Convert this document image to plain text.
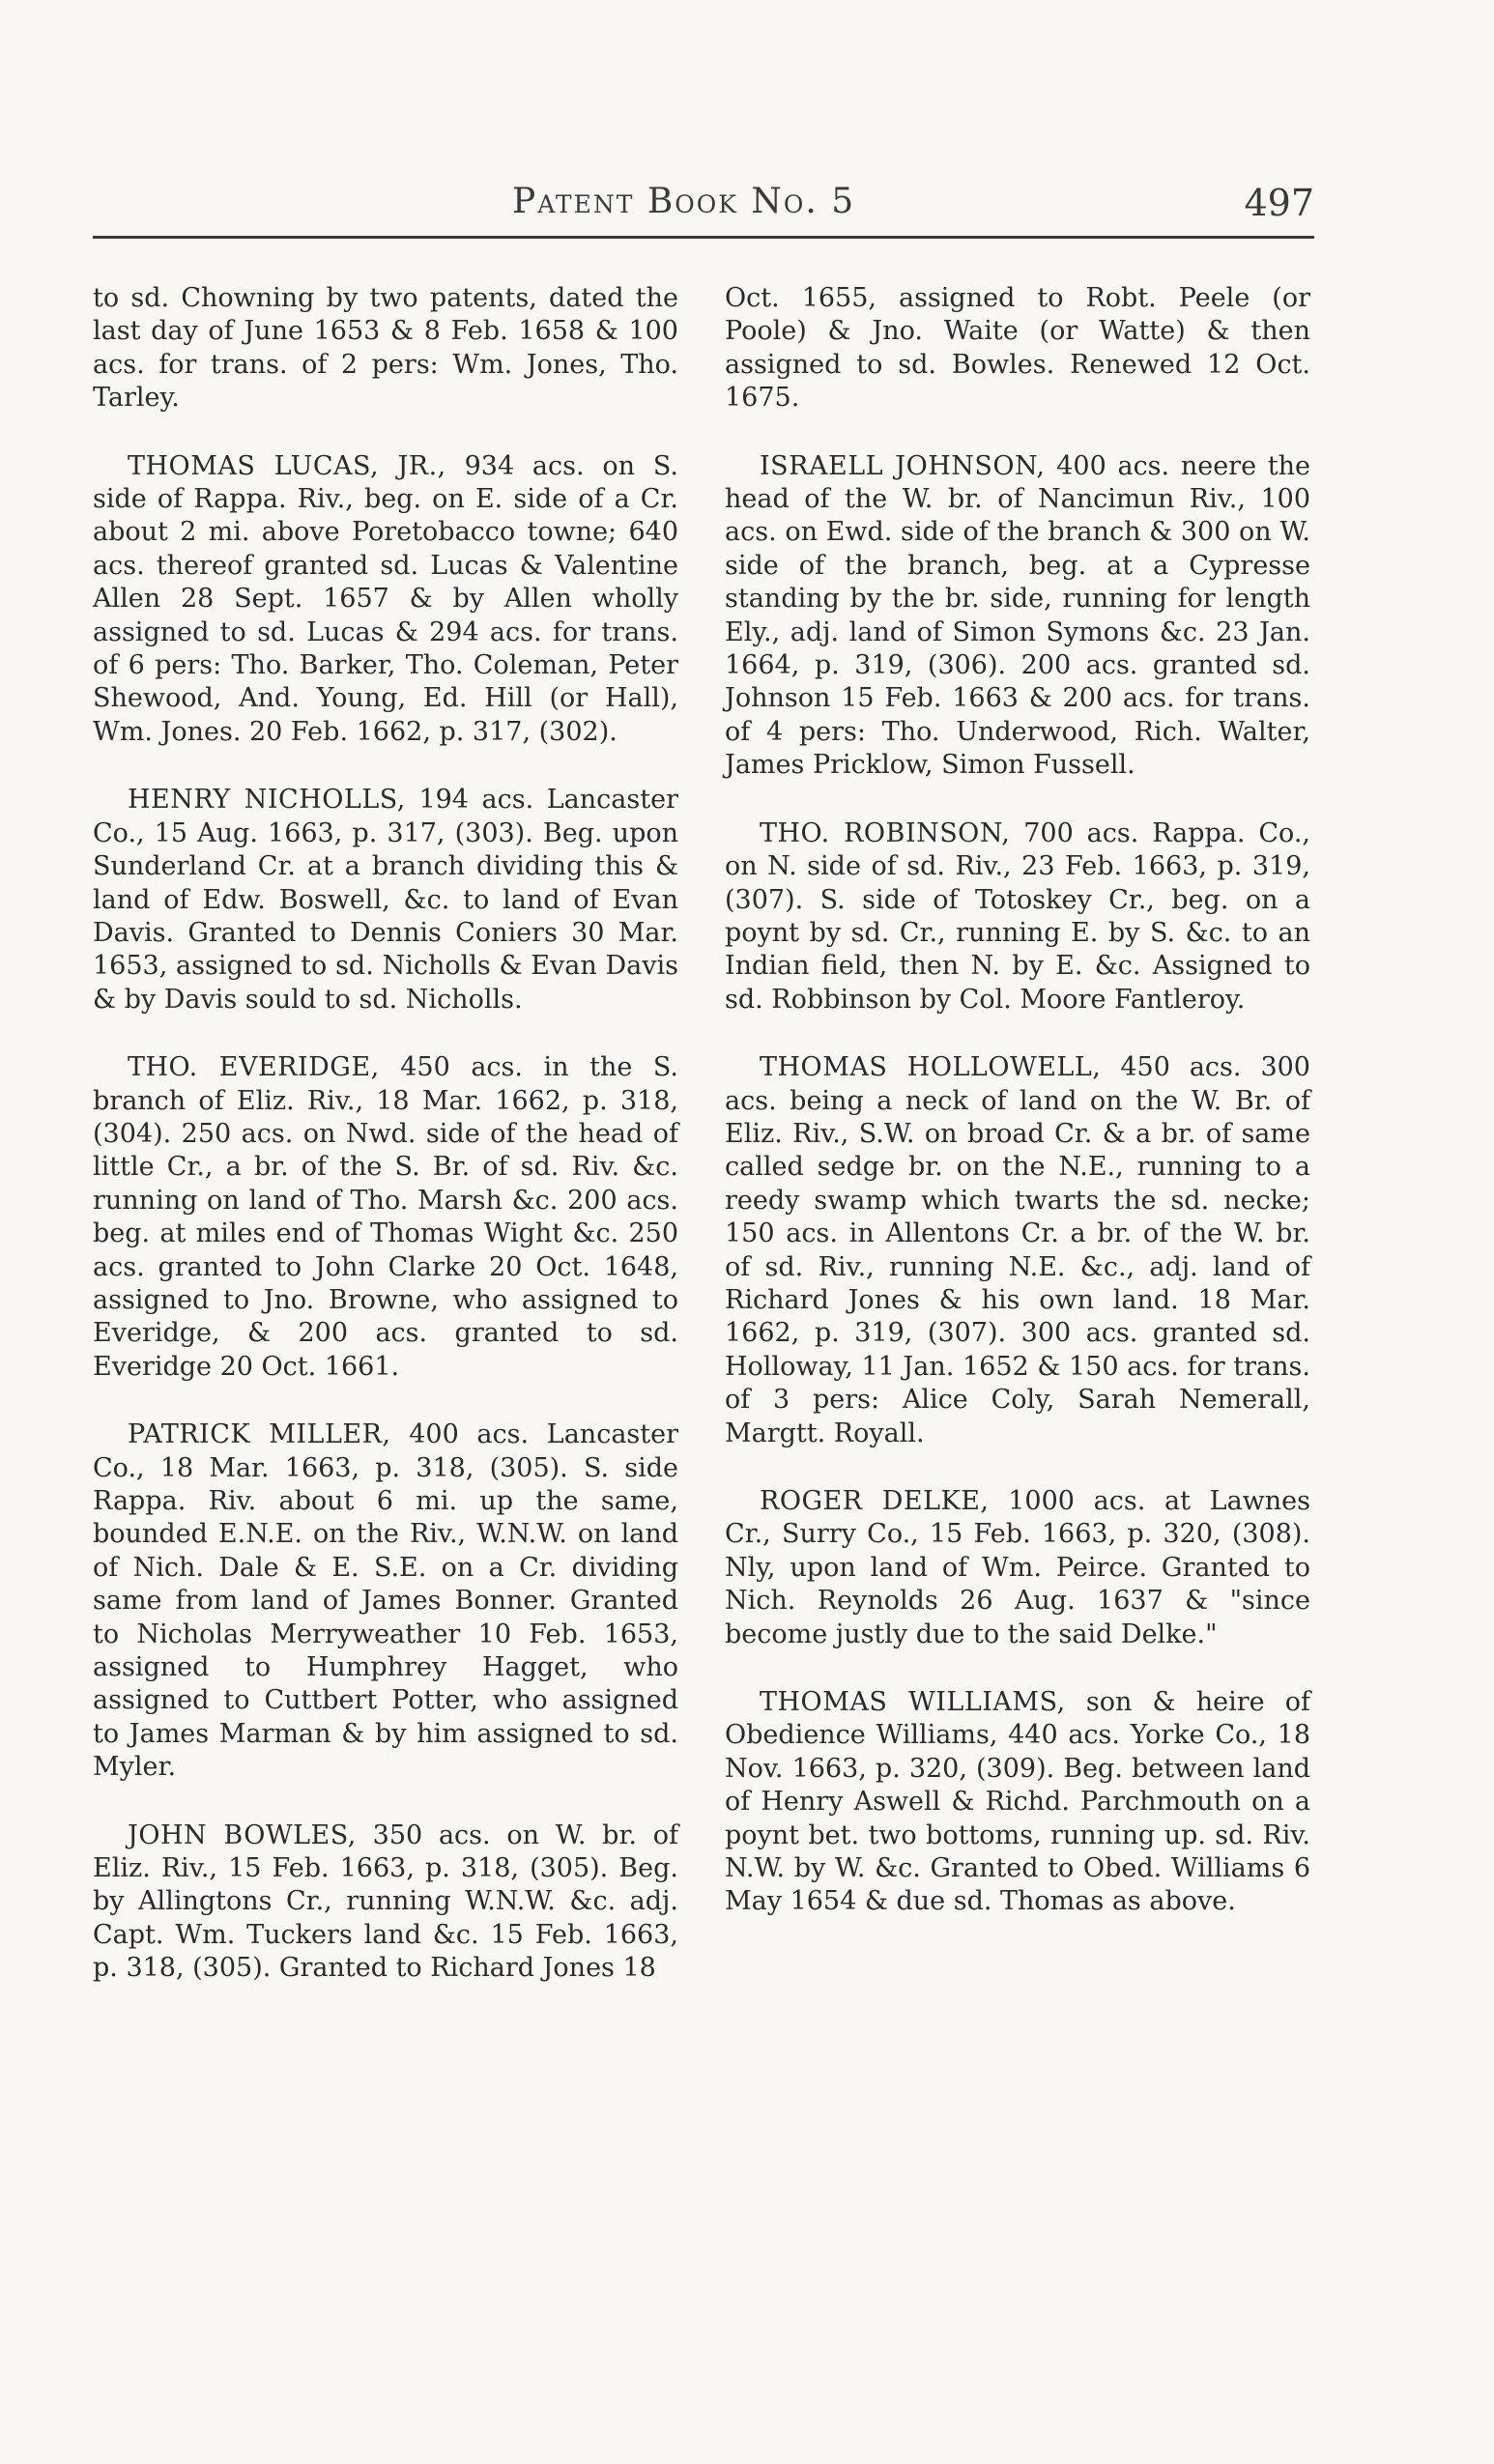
Patent Book No. 5	497

to sd. Chowning by two patents, dated the last day of June 1653 & 8 Feb. 1658 & 100 acs. for trans. of 2 pers: Wm. Jones, Tho. Tarley.

THOMAS LUCAS, JR., 934 acs. on S. side of Rappa. Riv., beg. on E. side of a Cr. about 2 mi. above Poretobacco towne; 640 acs. thereof granted sd. Lucas & Valentine Allen 28 Sept. 1657 & by Allen wholly assigned to sd. Lucas & 294 acs. for trans. of 6 pers: Tho. Barker, Tho. Coleman, Peter Shewood, And. Young, Ed. Hill (or Hall), Wm. Jones. 20 Feb. 1662, p. 317, (302).

HENRY NICHOLLS, 194 acs. Lancaster Co., 15 Aug. 1663, p. 317, (303). Beg. upon Sunderland Cr. at a branch dividing this & land of Edw. Boswell, &c. to land of Evan Davis. Granted to Dennis Coniers 30 Mar. 1653, assigned to sd. Nicholls & Evan Davis & by Davis sould to sd. Nicholls.

THO. EVERIDGE, 450 acs. in the S. branch of Eliz. Riv., 18 Mar. 1662, p. 318, (304). 250 acs. on Nwd. side of the head of little Cr., a br. of the S. Br. of sd. Riv. &c. running on land of Tho. Marsh &c. 200 acs. beg. at miles end of Thomas Wight &c. 250 acs. granted to John Clarke 20 Oct. 1648, assigned to Jno. Browne, who assigned to Everidge, & 200 acs. granted to sd. Everidge 20 Oct. 1661.

PATRICK MILLER, 400 acs. Lancaster Co., 18 Mar. 1663, p. 318, (305). S. side Rappa. Riv. about 6 mi. up the same, bounded E.N.E. on the Riv., W.N.W. on land of Nich. Dale & E. S.E. on a Cr. dividing same from land of James Bonner. Granted to Nicholas Merryweather 10 Feb. 1653, assigned to Humphrey Hagget, who assigned to Cuttbert Potter, who assigned to James Marman & by him assigned to sd. Myler.

JOHN BOWLES, 350 acs. on W. br. of Eliz. Riv., 15 Feb. 1663, p. 318, (305). Beg. by Allingtons Cr., running W.N.W. &c. adj. Capt. Wm. Tuckers land &c. 15 Feb. 1663, p. 318, (305). Granted to Richard Jones 18

Oct. 1655, assigned to Robt. Peele (or Poole) & Jno. Waite (or Watte) & then assigned to sd. Bowles. Renewed 12 Oct. 1675.

ISRAELL JOHNSON, 400 acs. neere the head of the W. br. of Nancimun Riv., 100 acs. on Ewd. side of the branch & 300 on W. side of the branch, beg. at a Cypresse standing by the br. side, running for length Ely., adj. land of Simon Symons &c. 23 Jan. 1664, p. 319, (306). 200 acs. granted sd. Johnson 15 Feb. 1663 & 200 acs. for trans. of 4 pers: Tho. Underwood, Rich. Walter, James Pricklow, Simon Fussell.

THO. ROBINSON, 700 acs. Rappa. Co., on N. side of sd. Riv., 23 Feb. 1663, p. 319, (307). S. side of Totoskey Cr., beg. on a poynt by sd. Cr., running E. by S. &c. to an Indian field, then N. by E. &c. Assigned to sd. Robbinson by Col. Moore Fantleroy.

THOMAS HOLLOWELL, 450 acs. 300 acs. being a neck of land on the W. Br. of Eliz. Riv., S.W. on broad Cr. & a br. of same called sedge br. on the N.E., running to a reedy swamp which twarts the sd. necke; 150 acs. in Allentons Cr. a br. of the W. br. of sd. Riv., running N.E. &c., adj. land of Richard Jones & his own land. 18 Mar. 1662, p. 319, (307). 300 acs. granted sd. Holloway, 11 Jan. 1652 & 150 acs. for trans. of 3 pers: Alice Coly, Sarah Nemerall, Margtt. Royall.

ROGER DELKE, 1000 acs. at Lawnes Cr., Surry Co., 15 Feb. 1663, p. 320, (308). Nly, upon land of Wm. Peirce. Granted to Nich. Reynolds 26 Aug. 1637 & "since become justly due to the said Delke."

THOMAS WILLIAMS, son & heire of Obedience Williams, 440 acs. Yorke Co., 18 Nov. 1663, p. 320, (309). Beg. between land of Henry Aswell & Richd. Parchmouth on a poynt bet. two bottoms, running up. sd. Riv. N.W. by W. &c. Granted to Obed. Williams 6 May 1654 & due sd. Thomas as above.
